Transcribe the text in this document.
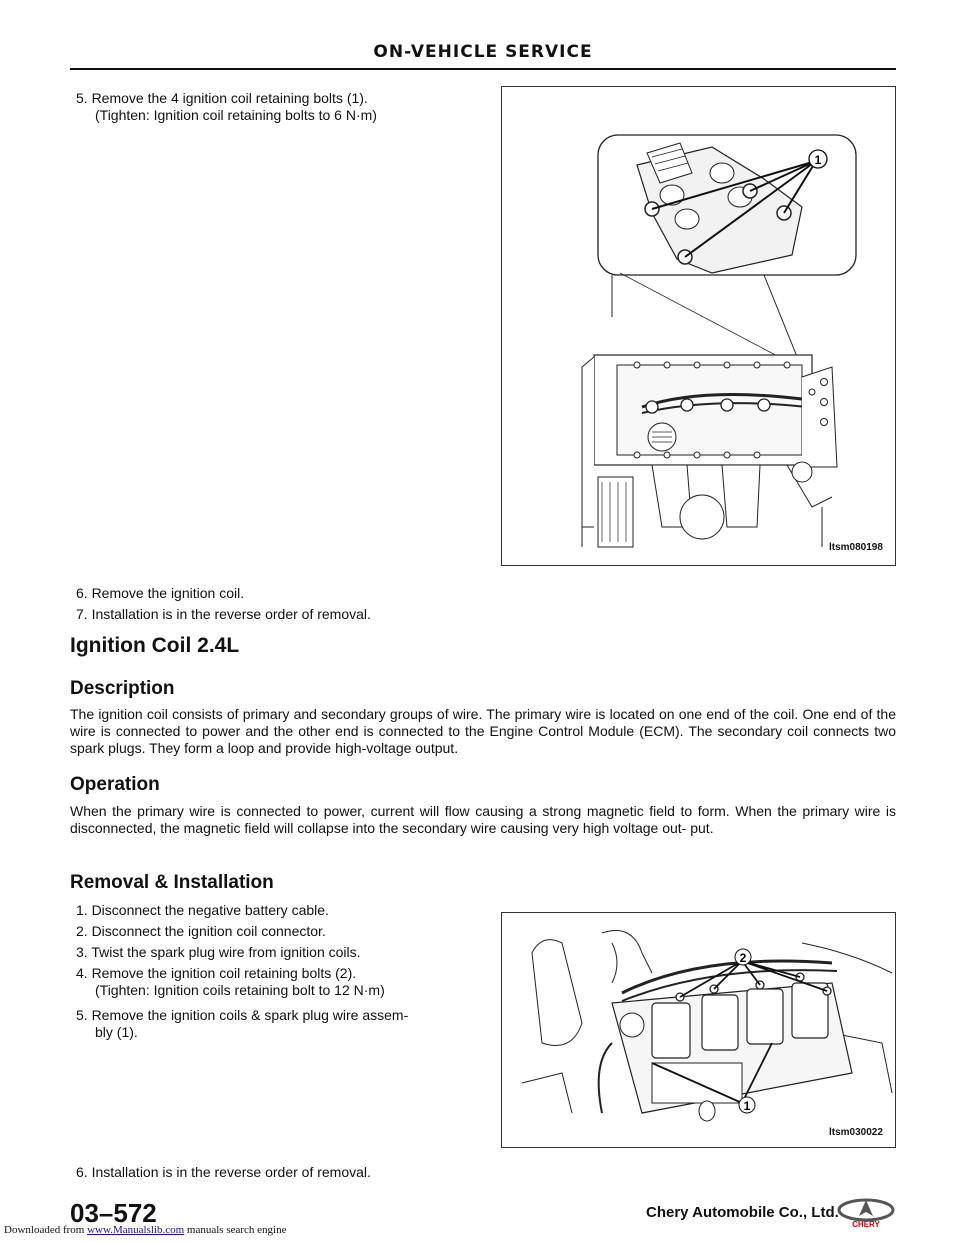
ON-VEHICLE SERVICE
5. Remove the 4 ignition coil retaining bolts (1).
(Tighten: Ignition coil retaining bolts to 6 N·m)
1
ltsm080198
6. Remove the ignition coil.
7. Installation is in the reverse order of removal.
Ignition Coil 2.4L
Description
The ignition coil consists of primary and secondary groups of wire. The primary wire is located on one end of the coil. One end of the wire is connected to power and the other end is connected to the Engine Control Module (ECM). The secondary coil connects two spark plugs. They form a loop and provide high-voltage output.
Operation
When the primary wire is connected to power, current will flow causing a strong magnetic field to form. When the primary wire is disconnected, the magnetic field will collapse into the secondary wire causing very high voltage out- put.
Removal & Installation
1. Disconnect the negative battery cable.
2. Disconnect the ignition coil connector.
3. Twist the spark plug wire from ignition coils.
4. Remove the ignition coil retaining bolts (2).
(Tighten: Ignition coils retaining bolt to 12 N·m)
5. Remove the ignition coils & spark plug wire assem-
bly (1).
2
1
ltsm030022
6. Installation is in the reverse order of removal.
03–572	Chery Automobile Co., Ltd.
CHERY
Downloaded from www.Manualslib.com manuals search engine
